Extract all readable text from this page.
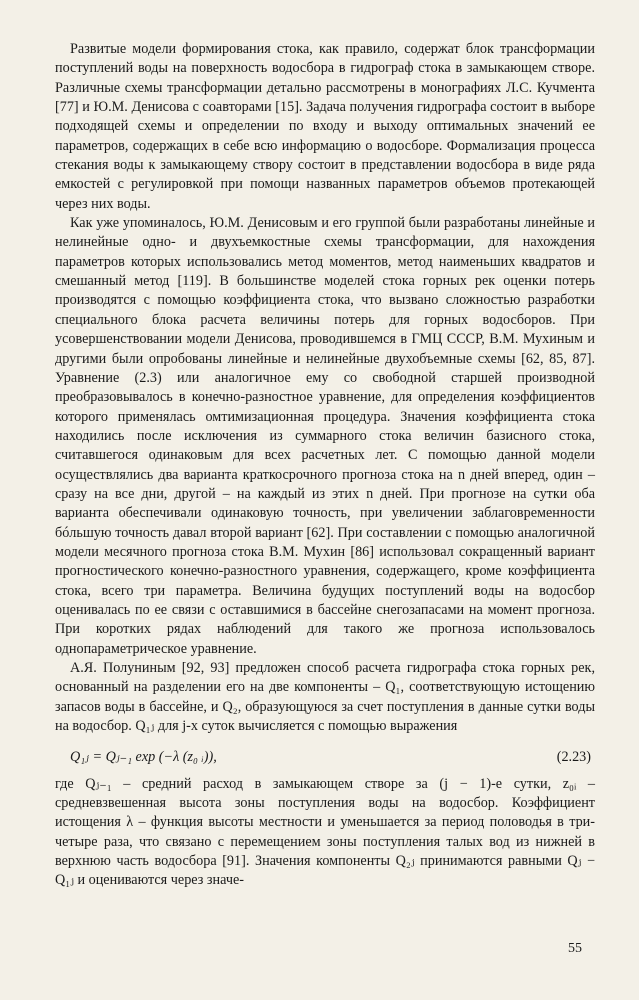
Развитые модели формирования стока, как правило, содержат блок трансформации поступлений воды на поверхность водосбора в гидрограф стока в замыкающем створе. Различные схемы трансформации детально рассмотрены в монографиях Л.С. Кучмента [77] и Ю.М. Денисова с соавторами [15]. Задача получения гидрографа состоит в выборе подходящей схемы и определении по входу и выходу оптимальных значений ее параметров, содержащих в себе всю информацию о водосборе. Формализация процесса стекания воды к замыкающему створу состоит в представлении водосбора в виде ряда емкостей с регулировкой при помощи названных параметров объемов протекающей через них воды.

Как уже упоминалось, Ю.М. Денисовым и его группой были разработаны линейные и нелинейные одно- и двухъемкостные схемы трансформации, для нахождения параметров которых использовались метод моментов, метод наименьших квадратов и смешанный метод [119]. В большинстве моделей стока горных рек оценки потерь производятся с помощью коэффициента стока, что вызвано сложностью разработки специального блока расчета величины потерь для горных водосборов. При усовершенствовании модели Денисова, проводившемся в ГМЦ СССР, В.М. Мухиным и другими были опробованы линейные и нелинейные двухобъемные схемы [62, 85, 87]. Уравнение (2.3) или аналогичное ему со свободной старшей производной преобразовывалось в конечно-разностное уравнение, для определения коэффициентов которого применялась омтимизационная процедура. Значения коэффициента стока находились после исключения из суммарного стока величин базисного стока, считавшегося одинаковым для всех расчетных лет. С помощью данной модели осуществлялись два варианта краткосрочного прогноза стока на n дней вперед, один – сразу на все дни, другой – на каждый из этих n дней. При прогнозе на сутки оба варианта обеспечивали одинаковую точность, при увеличении заблаговременности бóльшую точность давал второй вариант [62]. При составлении с помощью аналогичной модели месячного прогноза стока В.М. Мухин [86] использовал сокращенный вариант прогностического конечно-разностного уравнения, содержащего, кроме коэффициента стока, всего три параметра. Величина будущих поступлений воды на водосбор оценивалась по ее связи с оставшимися в бассейне снегозапасами на момент прогноза. При коротких рядах наблюдений для такого же прогноза использовалось однопараметрическое уравнение.

А.Я. Полуниным [92, 93] предложен способ расчета гидрографа стока горных рек, основанный на разделении его на две компоненты – Q₁, соответствующую истощению запасов воды в бассейне, и Q₂, образующуюся за счет поступления в данные сутки воды на водосбор. Q₁ⱼ для j-х суток вычисляется с помощью выражения

Q₁ⱼ = Qⱼ₋₁ exp (−λ (z₀ ᵢ)),	(2.23)

где Qⱼ₋₁ – средний расход в замыкающем створе за (j − 1)-е сутки, z₀ᵢ – средневзвешенная высота зоны поступления воды на водосбор. Коэффициент истощения λ – функция высоты местности и уменьшается за период половодья в три-четыре раза, что связано с перемещением зоны поступления талых вод из нижней в верхнюю часть водосбора [91]. Значения компоненты Q₂ⱼ принимаются равными Qⱼ − Q₁ⱼ и оцениваются через значе-

55
